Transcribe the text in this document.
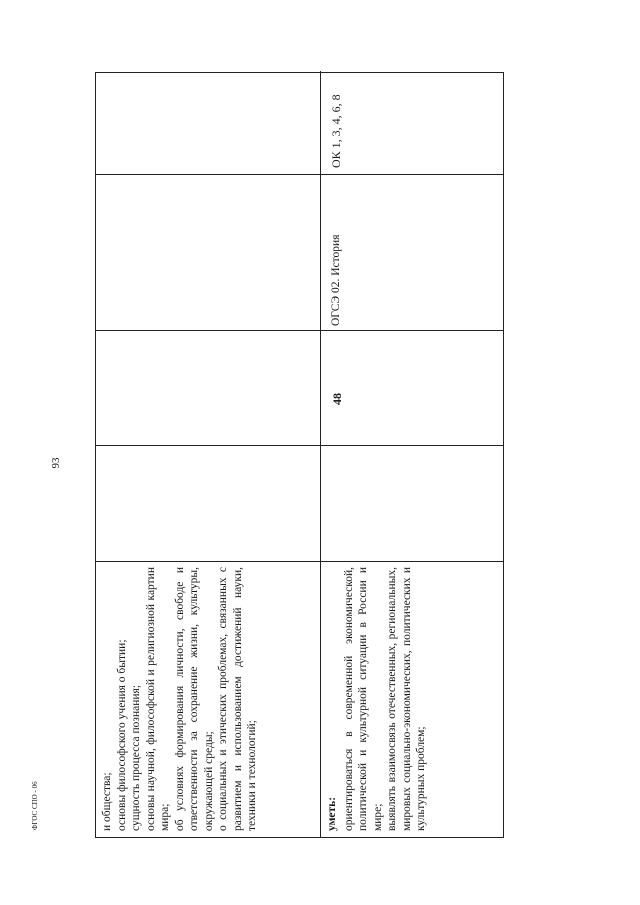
93

и общества; основы философского учения о бытии; сущность процесса познания; основы научной, философской и религиозной картин мира; об условиях формирования личности, свободе и ответственности за сохранение жизни, культуры, окружающей среды; о социальных и этических проблемах, связанных с развитием и использованием достижений науки, техники и технологий;	уметь: ориентироваться в современной экономической, политической и культурной ситуации в России и мире; выявлять взаимосвязь отечественных, региональных, мировых социально-экономических, политических и культурных проблем;

48
ОГСЭ 02. История
ОК 1, 3, 4, 6, 8
ФГОС СПО - 06
